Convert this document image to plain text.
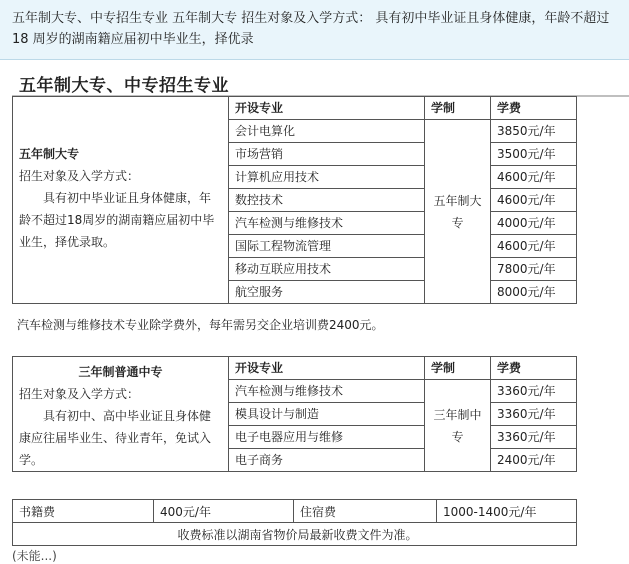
五年制大专、中专招生专业 五年制大专 招生对象及入学方式： 具有初中毕业证且身体健康，年龄不超过18 周岁的湖南籍应届初中毕业生，择优录
五年制大专、中专招生专业
五年制大专
招生对象及入学方式：
具有初中毕业证且身体健康，年龄不超过18周岁的湖南籍应届初中毕业生，择优录取。	开设专业	学制	学费
	会计电算化	五年制大专	3850元/年
	市场营销		3500元/年
	计算机应用技术		4600元/年
	数控技术		4600元/年
	汽车检测与维修技术		4000元/年
	国际工程物流管理		4600元/年
	移动互联应用技术		7800元/年
	航空服务		8000元/年
汽车检测与维修技术专业除学费外，每年需另交企业培训费2400元。
三年制普通中专
招生对象及入学方式：
具有初中、高中毕业证且身体健康应往届毕业生、待业青年，免试入学。	开设专业	学制	学费
	汽车检测与维修技术	三年制中专	3360元/年
	模具设计与制造		3360元/年
	电子电器应用与维修		3360元/年
	电子商务		2400元/年
书籍费	400元/年	住宿费	1000-1400元/年
收费标准以湖南省物价局最新收费文件为准。
(未能...)
